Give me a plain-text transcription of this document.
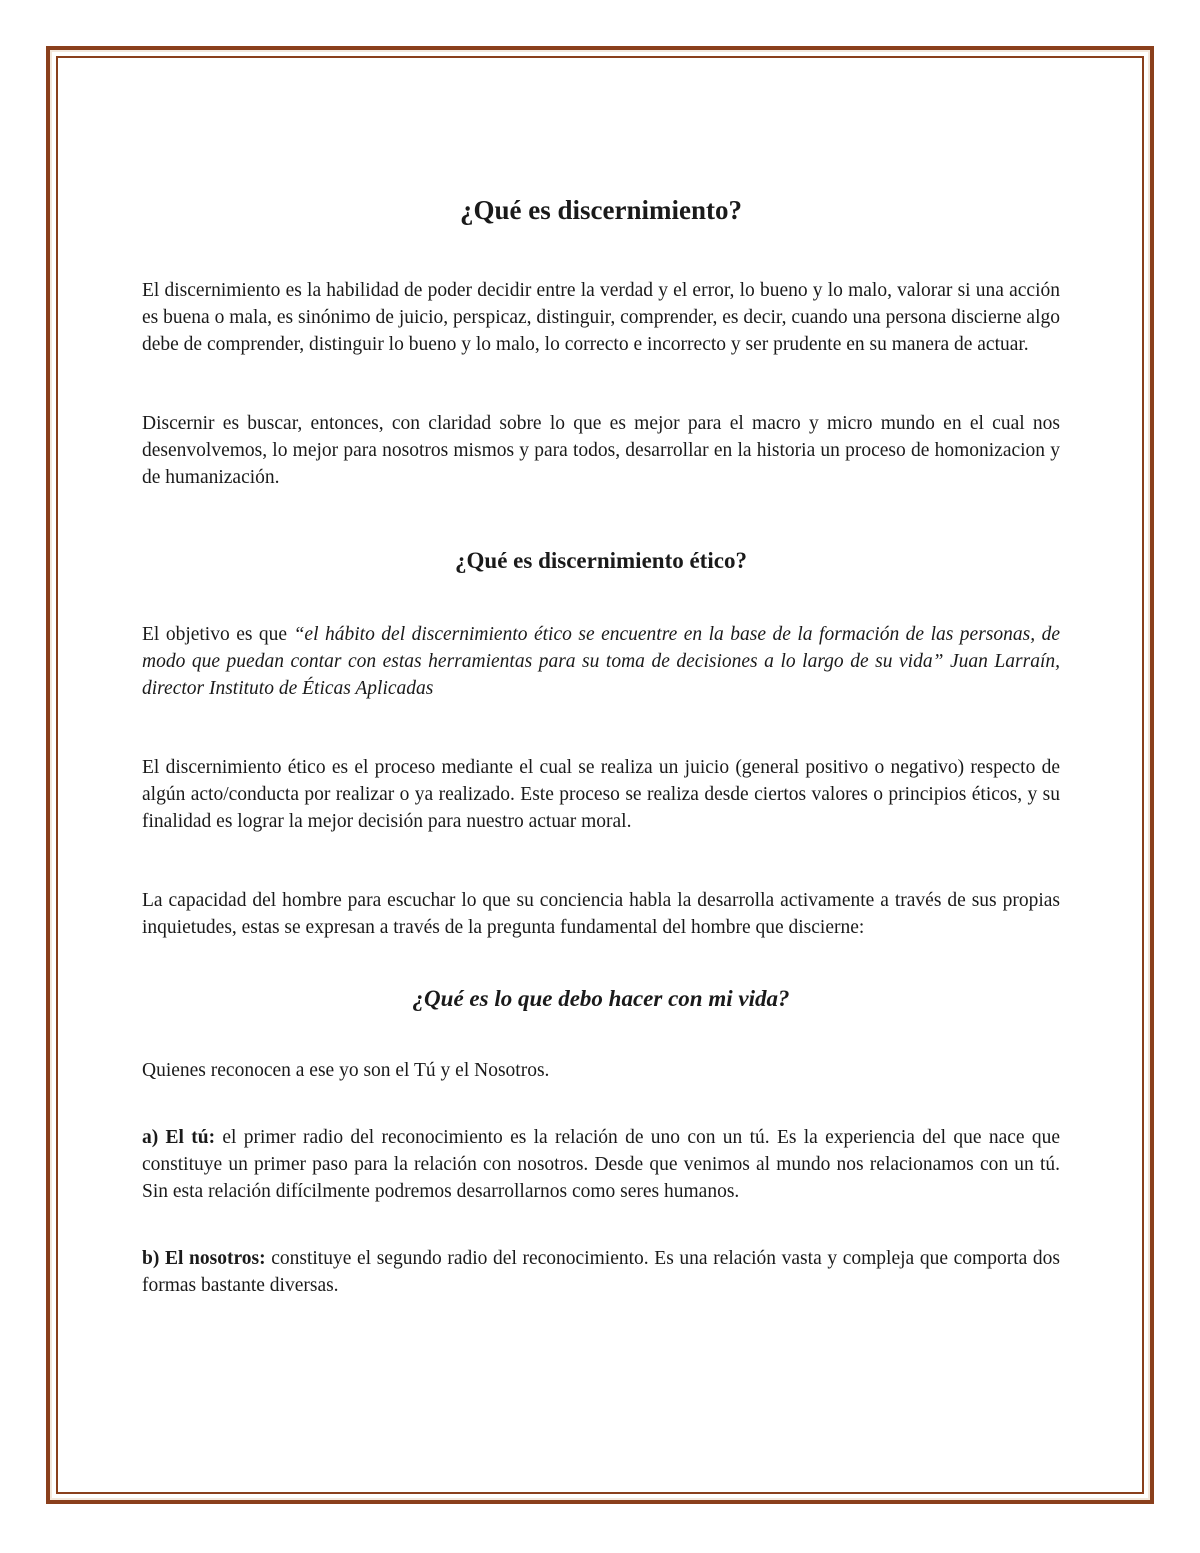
¿Qué es discernimiento?

El discernimiento es la habilidad de poder decidir entre la verdad y el error, lo bueno y lo malo, valorar si una acción es buena o mala, es sinónimo de juicio, perspicaz, distinguir, comprender, es decir, cuando una persona discierne algo debe de comprender, distinguir lo bueno y lo malo, lo correcto e incorrecto y ser prudente en su manera de actuar.

Discernir es buscar, entonces, con claridad sobre lo que es mejor para el macro y micro mundo en el cual nos desenvolvemos, lo mejor para nosotros mismos y para todos, desarrollar en la historia un proceso de homonizacion y de humanización.

¿Qué es discernimiento ético?

El objetivo es que “el hábito del discernimiento ético se encuentre en la base de la formación de las personas, de modo que puedan contar con estas herramientas para su toma de decisiones a lo largo de su vida” Juan Larraín, director Instituto de Éticas Aplicadas

El discernimiento ético es el proceso mediante el cual se realiza un juicio (general positivo o negativo) respecto de algún acto/conducta por realizar o ya realizado. Este proceso se realiza desde ciertos valores o principios éticos, y su finalidad es lograr la mejor decisión para nuestro actuar moral.

La capacidad del hombre para escuchar lo que su conciencia habla la desarrolla activamente a través de sus propias inquietudes, estas se expresan a través de la pregunta fundamental del hombre que discierne:

¿Qué es lo que debo hacer con mi vida?

Quienes reconocen a ese yo son el Tú y el Nosotros.

a) El tú: el primer radio del reconocimiento es la relación de uno con un tú. Es la experiencia del que nace que constituye un primer paso para la relación con nosotros. Desde que venimos al mundo nos relacionamos con un tú. Sin esta relación difícilmente podremos desarrollarnos como seres humanos.

b) El nosotros: constituye el segundo radio del reconocimiento. Es una relación vasta y compleja que comporta dos formas bastante diversas.
